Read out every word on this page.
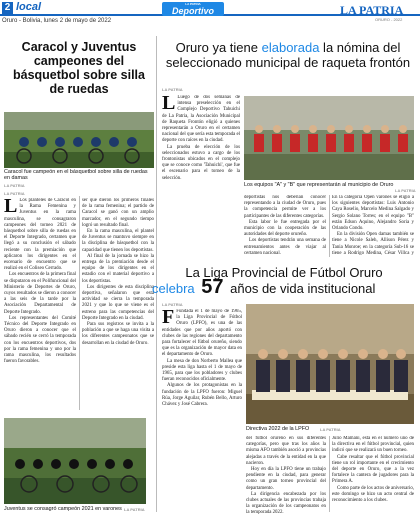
2 local
Oruro - Bolivia, lunes 2 de mayo de 2022
LA PATRIA
Deportivo	LA PATRIA
ORURO - 2022
Caracol y Juventus campeones del básquetbol sobre silla de ruedas
Caracol fue campeón en el básquetbol sobre silla de ruedas en damas
LA PATRIA
LA PATRIA

L Los planteles de Caracol en la Rama Femenina y Juventus en la rama masculina, se consagraron campeones del torneo 2021 de básquetbol sobre silla de ruedas en el Deporte Integrado, certamen que llegó a su conclusión el sábado reciente con la premiación que aplicaron los dirigentes en el escenario de encuentro que se realizó en el Coliseo Cerrado.

Los encuentros de la primera final se disputaron en el Polifuncional del Ministerio de Deportes de Oruro, cuyos resultados se dieron a conocer a las seis de la tarde por la Asociación Departamental de Deporte Integrado.

Los representantes del Comité Técnico del Deporte Integrado en Oruro dieron a conocer que el sábado recién se cerró la temporada con los encuentros deportivos, dos por la rama femenina y uno por la rama masculina, los resultados fueron favorables.

ser que dieron los primeros finales de la rama femenina; el partido de Caracol se ganó con un amplio marcador, en el segundo tiempo logró un resultado final.

En la rama masculina, el plantel de Juventus se mantuvo siempre en la disciplina de básquetbol con la capacidad que tienen los deportistas.

Al final de la jornada se hizo la entrega de la premiación desde el equipo de los dirigentes en el estadio con el material deportivo a los deportistas.

Los dirigentes de esta disciplina deportiva, señalaron que esta actividad se cierra la temporada 2021 y que lo que se viene es el estreno para las competencias del Deporte Integrado en la ciudad.

Para sus registros se invita a la población a que se haga una visita a los diferentes campeonatos que se desarrollan en la ciudad de Oruro.

Juventus se consagró campeón 2021 en varones LA PATRIA
Oruro ya tiene elaborada la nómina del seleccionado municipal de raqueta frontón
LA PATRIA

L Luego de dos semanas de intensa preselección en el Complejo Deportivo Tahuichi de La Patria, la Asociación Municipal de Raqueta Frontón eligió a quienes representarán a Oruro en el certamen nacional del que sería esta temporada el deporte con raíces en la ciudad.

La prueba de elección de los seleccionados estuvo a cargo de los frontonistas ubicados en el complejo que se conoce como 'Tahuichi', que fue el escenario para el torneo de la selección.

Los equipos "A" y "B" que representarán al municipio de Oruro
LA PATRIA

deportistas nos deberían conocer representando a la ciudad de Oruro, pues la competencia permite ver a los participantes de las diferentes categorías.

Esta labor le fue entregada por el municipio con la cooperación de las autoridades del deporte orureño.

Los deportistas tendrán una semana de entrenamientos antes de viajar al certamen nacional.

En la categoría Open varones se eligió a los siguientes deportistas: Luis Antonio Caya Roselio, Marcelo Medina Salgado y Sergio Solano Torres; en el equipo "B" están Edson Aquino, Alejandro Soria y Orlando Condo.

En la división Open damas también se tiene a Nicole Saleh, Allison Pérez y Tania Monroe; en la categoría Sub-16 se tiene a Rodrigo Medina, César Villca y

La Liga Provincial de Fútbol Oruro
celebra 57 años de vida institucional
LA PATRIA

F Fundada el 1 de mayo de 1965, la Liga Provincial de Fútbol Oruro (LPFO), es una de las entidades que por años aportó con clubes de las regiones del departamento para fortalecer el fútbol orureño, siendo que es la organización de mayor data en el departamento de Oruro.

La mesa de don Norberto Mallea que preside esta liga hasta el 1 de mayo de 1965, para que los pobladores y clubes fueran reconocidos oficialmente.

Algunos de los protagonistas en la fundación de la LPFO fueron: Miguel Rúa, Jorge Aguilar, Rubén Bello, Arturo Chávez y José Cabrera.

Directiva 2022 de la LPFO	LA PATRIA

del fútbol orureño en sus diferentes categorías, pero que tras los años la misma AFO también asoció a provincias alejadas a través de la entidad en la que nacieron.

Hoy en día la LPFO tiene un trabajo pendiente en la ciudad, para generar como un gran torneo provincial del departamento.

La dirigencia encabezada por los clubes actuales de las provincias trabaja la organización de los campeonatos en la temporada 2022.

Julio Mamani, está en el número uno de la directiva en el fútbol provincial, quien indicó que se realizará un buen torneo.

Cabe resaltar que el fútbol provincial tiene un rol importante en el crecimiento del deporte en Oruro, que a la vez fortalece la cantera de jugadores para la Primera A.

Como parte de los actos de aniversario, este domingo se hizo un acto central de reconocimiento a los clubes.
